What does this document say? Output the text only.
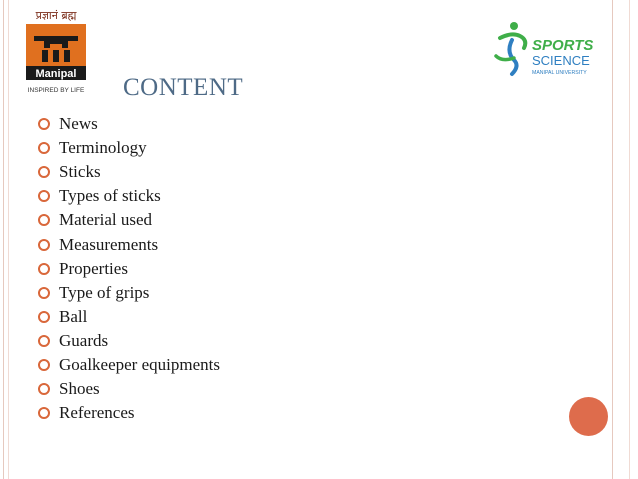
प्रज्ञानं ब्रह्म
Manipal
INSPIRED BY LIFE
SPORTS
SCIENCE
MANIPAL UNIVERSITY
CONTENT
News
Terminology
Sticks
Types of sticks
Material used
Measurements
Properties
Type of grips
Ball
Guards
Goalkeeper equipments
Shoes
References
